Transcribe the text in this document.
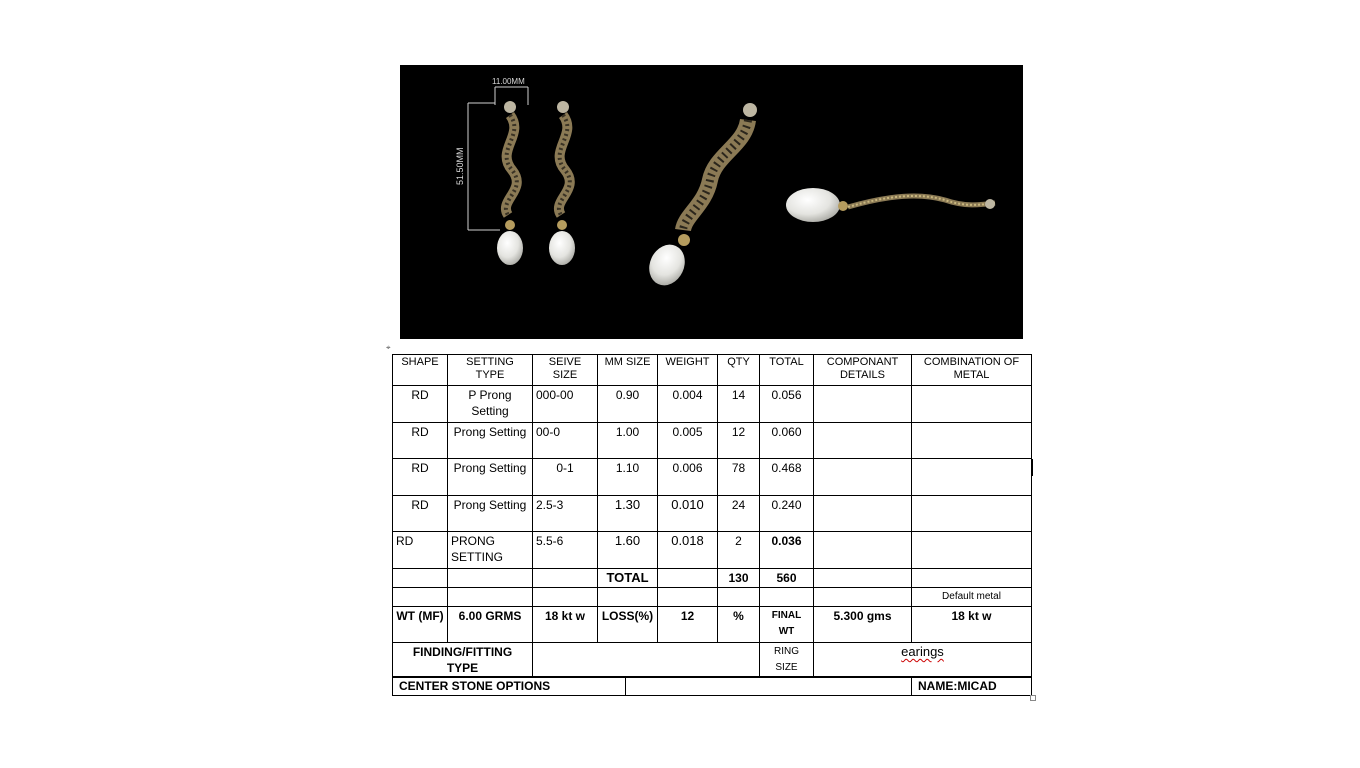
11.00MM
51.50MM
⌖
SHAPE	SETTING TYPE	SEIVE SIZE	MM SIZE	WEIGHT	QTY	TOTAL	COMPONANT DETAILS	COMBINATION OF METAL
RD	P Prong Setting	000-00	0.90	0.004	14	0.056		
RD	Prong Setting	00-0	1.00	0.005	12	0.060		
RD	Prong Setting	0-1	1.10	0.006	78	0.468		
RD	Prong Setting	2.5-3	1.30	0.010	24	0.240		
RD	PRONG SETTING	5.5-6	1.60	0.018	2	0.036		
			TOTAL		130	560		
								Default metal
WT (MF)	6.00 GRMS	18 kt w	LOSS(%)	12	%	FINAL WT	5.300 gms	18 kt w
FINDING/FITTING TYPE						RING SIZE	earings	
CENTER STONE OPTIONS		NAME:MICAD
